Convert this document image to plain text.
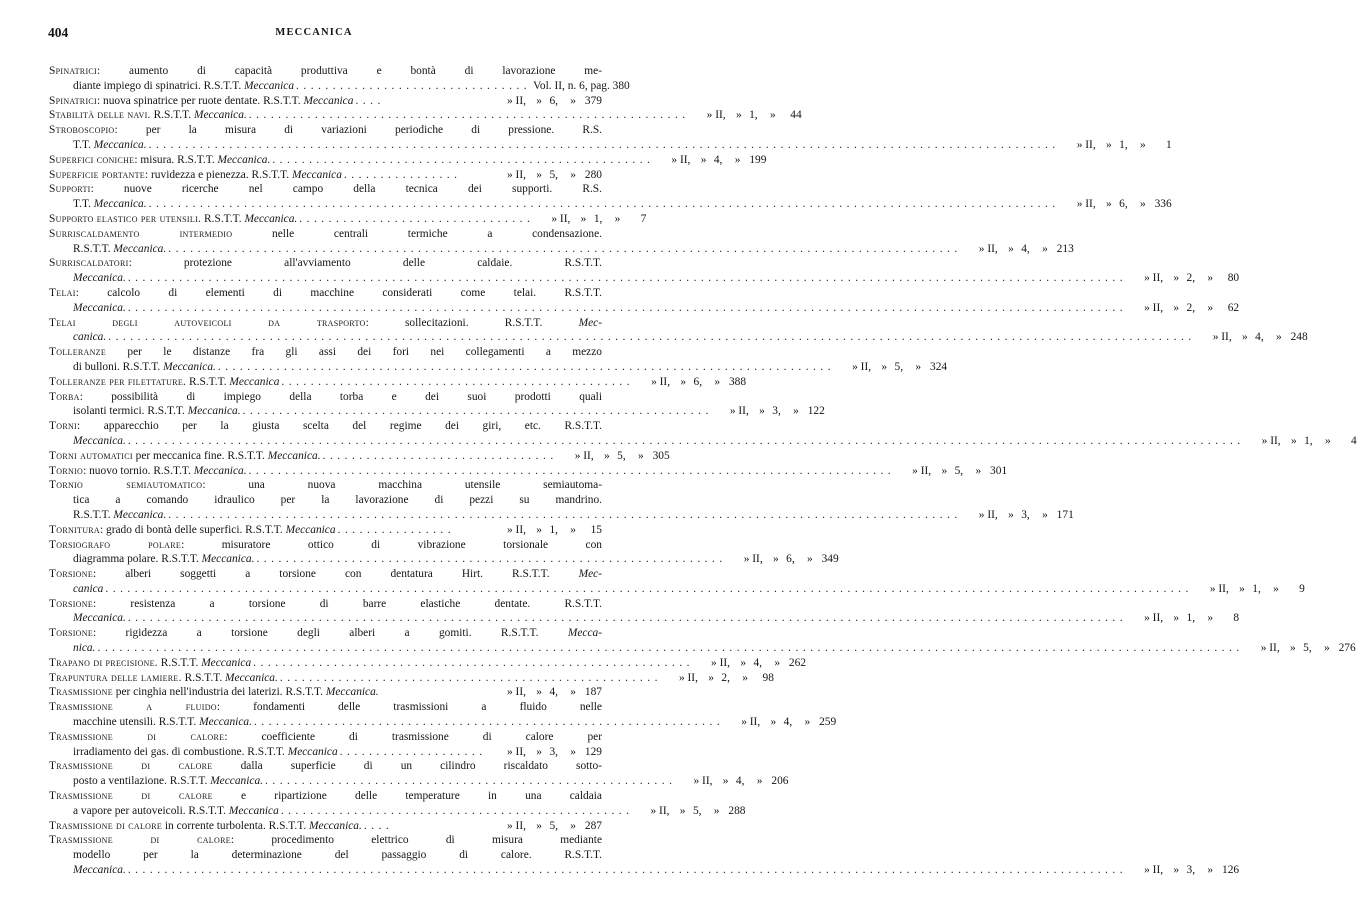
404	MECCANICA
Spinatrici: aumento di capacità produttiva e bontà di lavorazione me-
diante impiego di spinatrici. R.S.T.T. Meccanica ................................ Vol. II, n. 6, pag. 380
Spinatrici: nuova spinatrice per ruote dentate. R.S.T.T. Meccanica ....	» II, » 6,	» 379
Stabilità delle navi. R.S.T.T. Meccanica. ............................................................	» II, » 1,	»	44
Stroboscopio: per la misura di variazioni periodiche di pressione. R.S.
T.T. Meccanica. ............................................................................................................................	» II, » 1,	»	1
Superfici coniche: misura. R.S.T.T. Meccanica. ....................................................	» II, » 4,	» 199
Superficie portante: ruvidezza e pienezza. R.S.T.T. Meccanica ................	» II, » 5,	» 280
Supporti: nuove ricerche nel campo della tecnica dei supporti. R.S.
T.T. Meccanica. ............................................................................................................................	» II, » 6,	» 336
Supporto elastico per utensili. R.S.T.T. Meccanica. ................................	» II, » 1,	»	7
Surriscaldamento intermedio nelle centrali termiche a condensazione.
R.S.T.T. Meccanica. ............................................................................................................	» II, » 4,	» 213
Surriscaldatori: protezione all'avviamento delle caldaie. R.S.T.T.
Meccanica. ........................................................................................................................................	» II, » 2,	»	80
Telai: calcolo di elementi di macchine considerati come telai. R.S.T.T.
Meccanica. ........................................................................................................................................	» II, » 2,	»	62
Telai degli autoveicoli da trasporto: sollecitazioni. R.S.T.T. Mec-
canica. ....................................................................................................................................................	» II, » 4,	» 248
Tolleranze per le distanze fra gli assi dei fori nei collegamenti a mezzo
di bulloni. R.S.T.T. Meccanica. ....................................................................................	» II, » 5,	» 324
Tolleranze per filettature. R.S.T.T. Meccanica ................................................	» II, » 6,	» 388
Torba: possibilità di impiego della torba e dei suoi prodotti quali
isolanti termici. R.S.T.T. Meccanica. ................................................................	» II, » 3,	» 122
Torni: apparecchio per la giusta scelta del regime dei giri, etc. R.S.T.T.
Meccanica. ........................................................................................................................................................	» II, » 1,	»	4
Torni automatici per meccanica fine. R.S.T.T. Meccanica. ................................	» II, » 5,	» 305
Tornio: nuovo tornio. R.S.T.T. Meccanica. ........................................................................................	» II, » 5,	» 301
Tornio semiautomatico: una nuova macchina utensile semiautoma-
tica a comando idraulico per la lavorazione di pezzi su mandrino.
R.S.T.T. Meccanica. ............................................................................................................	» II, » 3,	» 171
Tornitura: grado di bontà delle superfici. R.S.T.T. Meccanica ................	» II, » 1,	»	15
Torsiografo polare: misuratore ottico di vibrazione torsionale con
diagramma polare. R.S.T.T. Meccanica. ................................................................	» II, » 6,	» 349
Torsione: alberi soggetti a torsione con dentatura Hirt. R.S.T.T. Mec-
canica ....................................................................................................................................................	» II, » 1,	»	9
Torsione: resistenza a torsione di barre elastiche dentate. R.S.T.T.
Meccanica. ........................................................................................................................................	» II, » 1,	»	8
Torsione: rigidezza a torsione degli alberi a gomiti. R.S.T.T. Mecca-
nica. ............................................................................................................................................................	» II, » 5,	» 276
Trapano di precisione. R.S.T.T. Meccanica ............................................................	» II, » 4,	» 262
Trapuntura delle lamiere. R.S.T.T. Meccanica. ....................................................	» II, » 2,	»	98
Trasmissione per cinghia nell'industria dei laterizi. R.S.T.T. Meccanica.	» II, » 4,	» 187
Trasmissione a fluido: fondamenti delle trasmissioni a fluido nelle
macchine utensili. R.S.T.T. Meccanica. ................................................................	» II, » 4,	» 259
Trasmissione di calore: coefficiente di trasmissione di calore per
irradiamento dei gas. di combustione. R.S.T.T. Meccanica ....................	» II, » 3,	» 129
Trasmissione di calore dalla superficie di un cilindro riscaldato sotto-
posto a ventilazione. R.S.T.T. Meccanica. ........................................................	» II, » 4,	» 206
Trasmissione di calore e ripartizione delle temperature in una caldaia
a vapore per autoveicoli. R.S.T.T. Meccanica ................................................	» II, » 5,	» 288
Trasmissione di calore in corrente turbolenta. R.S.T.T. Meccanica. ....	» II, » 5,	» 287
Trasmissione di calore: procedimento elettrico di misura mediante
modello per la determinazione del passaggio di calore. R.S.T.T.
Meccanica. ........................................................................................................................................	» II, » 3,	» 126
